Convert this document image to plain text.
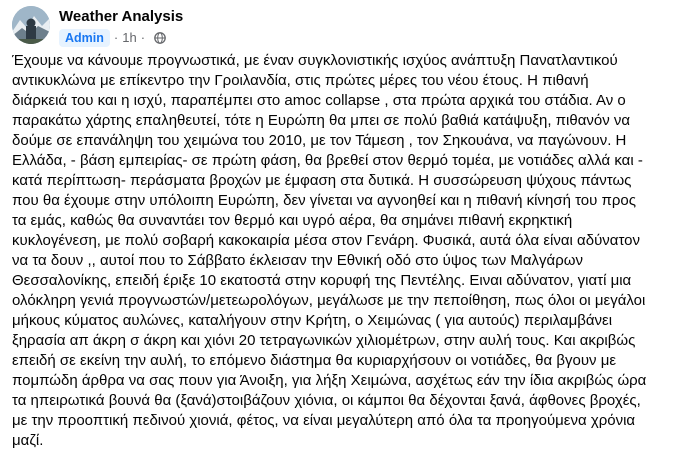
Weather Analysis
Admin · 1h ·
Έχουμε να κάνουμε προγνωστικά, με έναν συγκλονιστικής ισχύος ανάπτυξη Πανατλαντικού
αντικυκλώνα με επίκεντρο την Γροιλανδία, στις πρώτες μέρες του νέου έτους. Η πιθανή
διάρκειά του και η ισχύ, παραπέμπει στο amoc collapse , στα πρώτα αρχικά του στάδια. Αν ο
παρακάτω χάρτης επαληθευτεί, τότε η Ευρώπη θα μπει σε πολύ βαθιά κατάψυξη, πιθανόν να
δούμε σε επανάληψη του χειμώνα του 2010, με τον Τάμεση , τον Σηκουάνα, να παγώνουν. Η
Ελλάδα, - βάση εμπειρίας- σε πρώτη φάση, θα βρεθεί στον θερμό τομέα, με νοτιάδες αλλά και -
κατά περίπτωση- περάσματα βροχών με έμφαση στα δυτικά. Η συσσώρευση ψύχους πάντως
που θα έχουμε στην υπόλοιπη Ευρώπη, δεν γίνεται να αγνοηθεί και η πιθανή κίνησή του προς
τα εμάς, καθώς θα συναντάει τον θερμό και υγρό αέρα, θα σημάνει πιθανή εκρηκτική
κυκλογένεση, με πολύ σοβαρή κακοκαιρία μέσα στον Γενάρη. Φυσικά, αυτά όλα είναι αδύνατον
να τα δουν ,, αυτοί που το Σάββατο έκλεισαν την Εθνική οδό στο ύψος των Μαλγάρων
Θεσσαλονίκης, επειδή έριξε 10 εκατοστά στην κορυφή της Πεντέλης. Ειναι αδύνατον, γιατί μια
ολόκληρη γενιά προγνωστών/μετεωρολόγων, μεγάλωσε με την πεποίθηση, πως όλοι οι μεγάλοι
μήκους κύματος αυλώνες, καταλήγουν στην Κρήτη, ο Χειμώνας ( για αυτούς) περιλαμβάνει
ξηρασία απ άκρη σ άκρη και χιόνι 20 τετραγωνικών χιλιομέτρων, στην αυλή τους. Και ακριβώς
επειδή σε εκείνη την αυλή, το επόμενο διάστημα θα κυριαρχήσουν οι νοτιάδες, θα βγουν με
πομπώδη άρθρα να σας πουν για Άνοιξη, για λήξη Χειμώνα, ασχέτως εάν την ίδια ακριβώς ώρα
τα ηπειρωτικά βουνά θα (ξανά)στοιβάζουν χιόνια, οι κάμποι θα δέχονται ξανά, άφθονες βροχές,
με την προοπτική πεδινού χιονιά, φέτος, να είναι μεγαλύτερη από όλα τα προηγούμενα χρόνια
μαζί.
